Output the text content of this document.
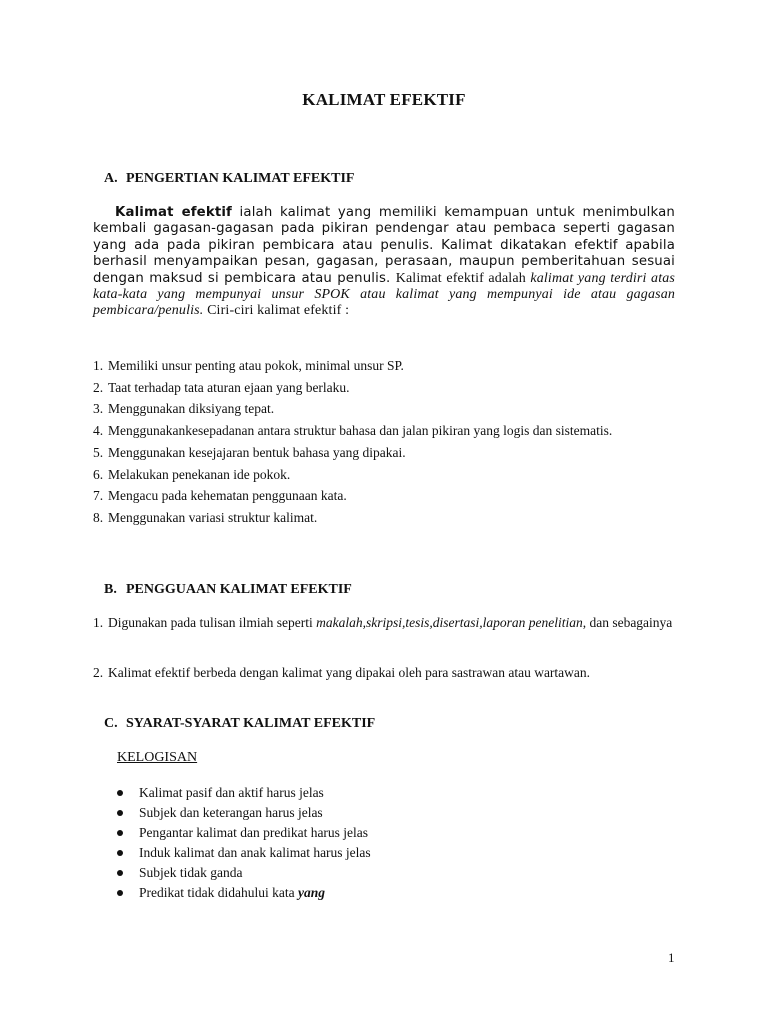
KALIMAT EFEKTIF
A. PENGERTIAN KALIMAT EFEKTIF

Kalimat efektif ialah kalimat yang memiliki kemampuan untuk menimbulkan kembali gagasan-gagasan pada pikiran pendengar atau pembaca seperti gagasan yang ada pada pikiran pembicara atau penulis. Kalimat dikatakan efektif apabila berhasil menyampaikan pesan, gagasan, perasaan, maupun pemberitahuan sesuai dengan maksud si pembicara atau penulis. Kalimat efektif adalah kalimat yang terdiri atas kata-kata yang mempunyai unsur SPOK atau kalimat yang mempunyai ide atau gagasan pembicara/penulis. Ciri-ciri kalimat efektif :

1. Memiliki unsur penting atau pokok, minimal unsur SP.
2. Taat terhadap tata aturan ejaan yang berlaku.
3. Menggunakan diksiyang tepat.
4. Menggunakankesepadanan antara struktur bahasa dan jalan pikiran yang logis dan sistematis.
5. Menggunakan kesejajaran bentuk bahasa yang dipakai.
6. Melakukan penekanan ide pokok.
7. Mengacu pada kehematan penggunaan kata.
8. Menggunakan variasi struktur kalimat.
B. PENGGUAAN KALIMAT EFEKTIF
1. Digunakan pada tulisan ilmiah seperti makalah,skripsi,tesis,disertasi,laporan penelitian, dan sebagainya
2. Kalimat efektif berbeda dengan kalimat yang dipakai oleh para sastrawan atau wartawan.
C. SYARAT-SYARAT KALIMAT EFEKTIF
KELOGISAN
Kalimat pasif dan aktif harus jelas
Subjek dan keterangan harus jelas
Pengantar kalimat dan predikat harus jelas
Induk kalimat dan anak kalimat harus jelas
Subjek tidak ganda
Predikat tidak didahului kata yang
1
